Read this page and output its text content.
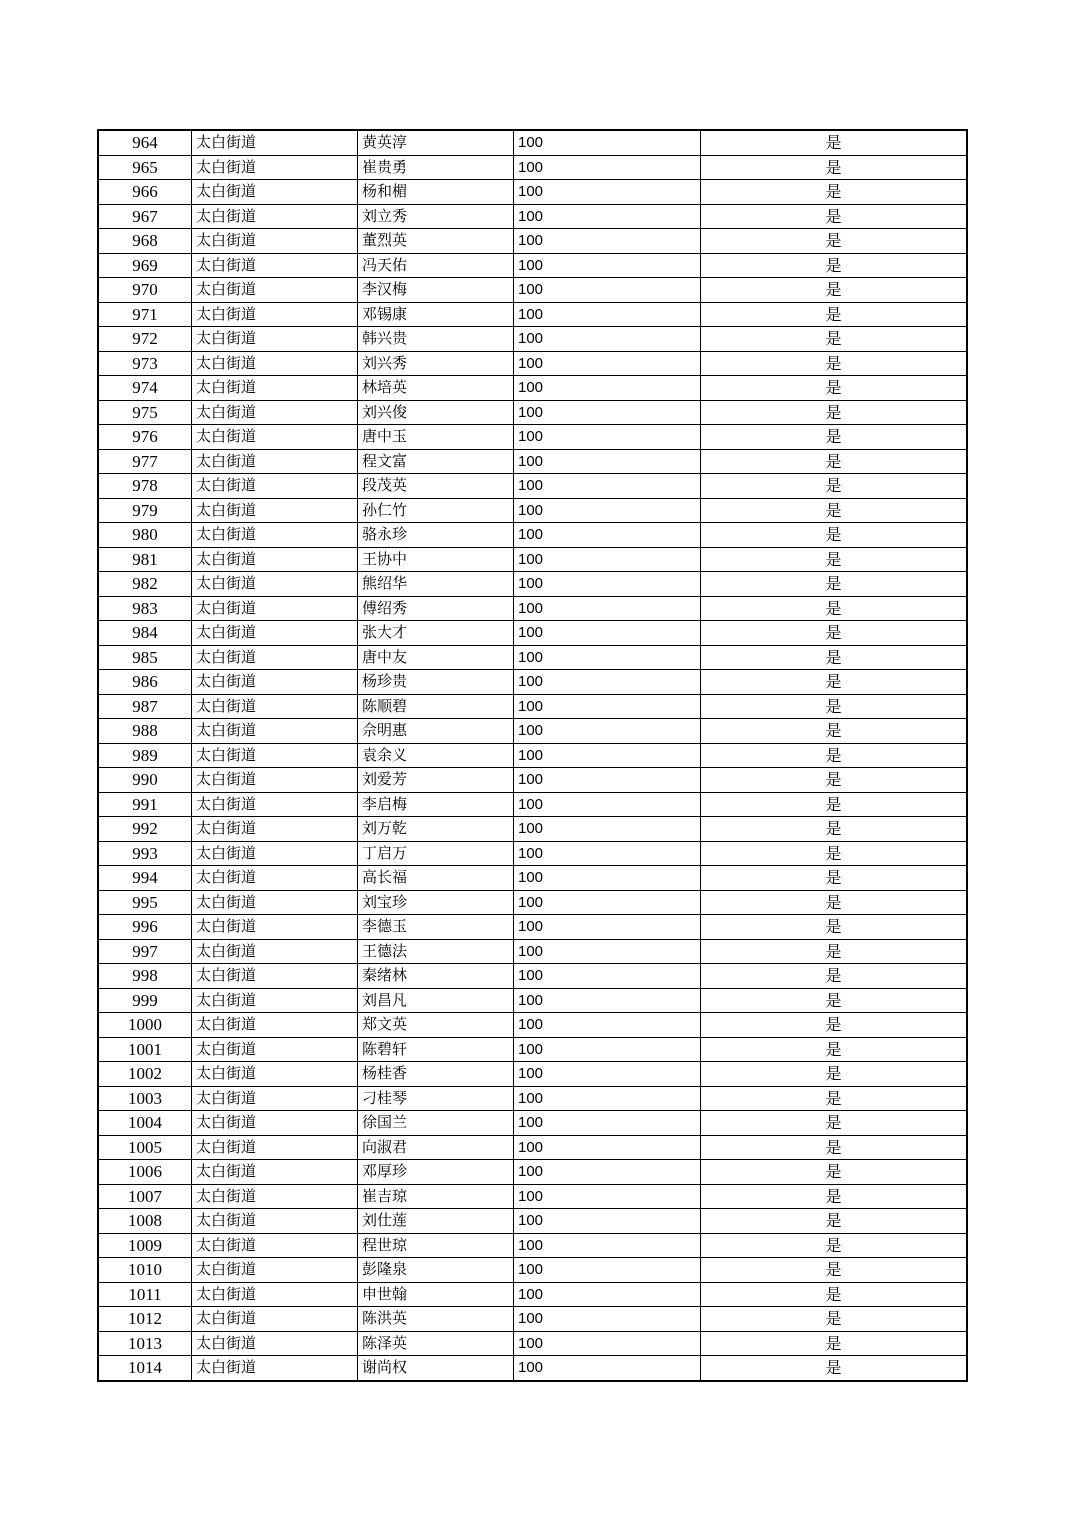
964	太白街道	黄英淳	100	是
965	太白街道	崔贵勇	100	是
966	太白街道	杨和楣	100	是
967	太白街道	刘立秀	100	是
968	太白街道	董烈英	100	是
969	太白街道	冯天佑	100	是
970	太白街道	李汉梅	100	是
971	太白街道	邓锡康	100	是
972	太白街道	韩兴贵	100	是
973	太白街道	刘兴秀	100	是
974	太白街道	林培英	100	是
975	太白街道	刘兴俊	100	是
976	太白街道	唐中玉	100	是
977	太白街道	程文富	100	是
978	太白街道	段茂英	100	是
979	太白街道	孙仁竹	100	是
980	太白街道	骆永珍	100	是
981	太白街道	王协中	100	是
982	太白街道	熊绍华	100	是
983	太白街道	傅绍秀	100	是
984	太白街道	张大才	100	是
985	太白街道	唐中友	100	是
986	太白街道	杨珍贵	100	是
987	太白街道	陈顺碧	100	是
988	太白街道	佘明惠	100	是
989	太白街道	袁余义	100	是
990	太白街道	刘爱芳	100	是
991	太白街道	李启梅	100	是
992	太白街道	刘万乾	100	是
993	太白街道	丁启万	100	是
994	太白街道	高长福	100	是
995	太白街道	刘宝珍	100	是
996	太白街道	李德玉	100	是
997	太白街道	王德法	100	是
998	太白街道	秦绪林	100	是
999	太白街道	刘昌凡	100	是
1000	太白街道	郑文英	100	是
1001	太白街道	陈碧轩	100	是
1002	太白街道	杨桂香	100	是
1003	太白街道	刁桂琴	100	是
1004	太白街道	徐国兰	100	是
1005	太白街道	向淑君	100	是
1006	太白街道	邓厚珍	100	是
1007	太白街道	崔吉琼	100	是
1008	太白街道	刘仕莲	100	是
1009	太白街道	程世琼	100	是
1010	太白街道	彭隆泉	100	是
1011	太白街道	申世翰	100	是
1012	太白街道	陈洪英	100	是
1013	太白街道	陈泽英	100	是
1014	太白街道	谢尚权	100	是
